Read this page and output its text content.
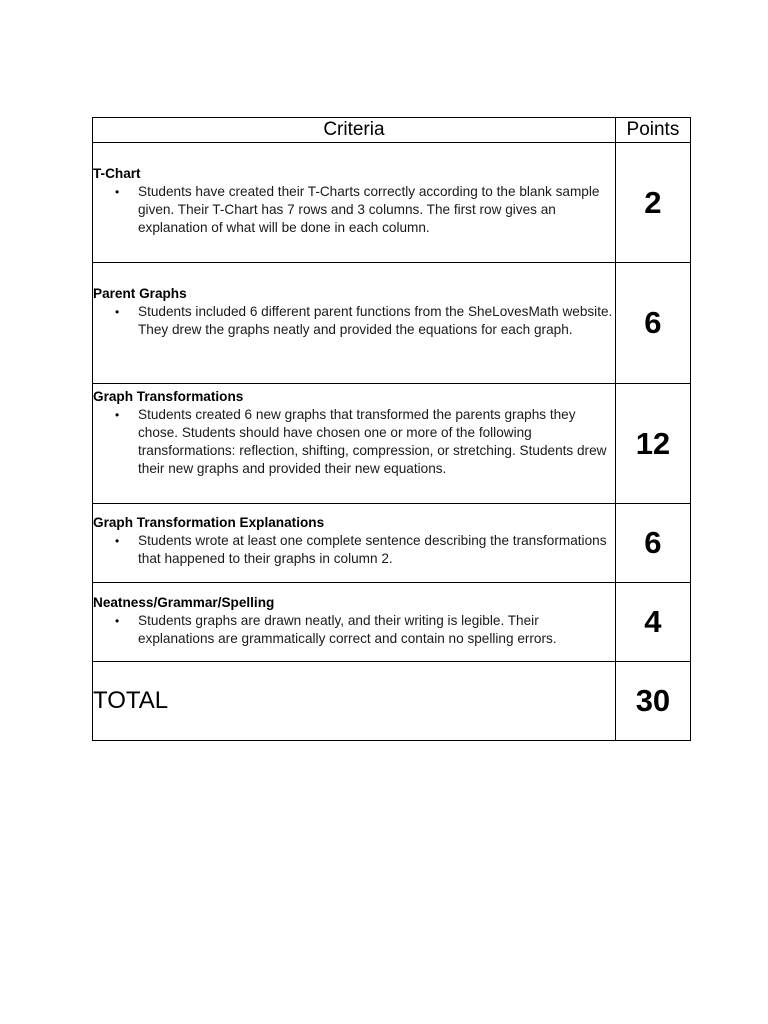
Criteria	Points

T-Chart
• Students have created their T-Charts correctly according to the blank sample given. Their T-Chart has 7 rows and 3 columns. The first row gives an explanation of what will be done in each column.	2

Parent Graphs
• Students included 6 different parent functions from the SheLovesMath website. They drew the graphs neatly and provided the equations for each graph.	6

Graph Transformations
• Students created 6 new graphs that transformed the parents graphs they chose. Students should have chosen one or more of the following transformations: reflection, shifting, compression, or stretching. Students drew their new graphs and provided their new equations.	12

Graph Transformation Explanations
• Students wrote at least one complete sentence describing the transformations that happened to their graphs in column 2.	6

Neatness/Grammar/Spelling
• Students graphs are drawn neatly, and their writing is legible. Their explanations are grammatically correct and contain no spelling errors.	4
TOTAL	30
